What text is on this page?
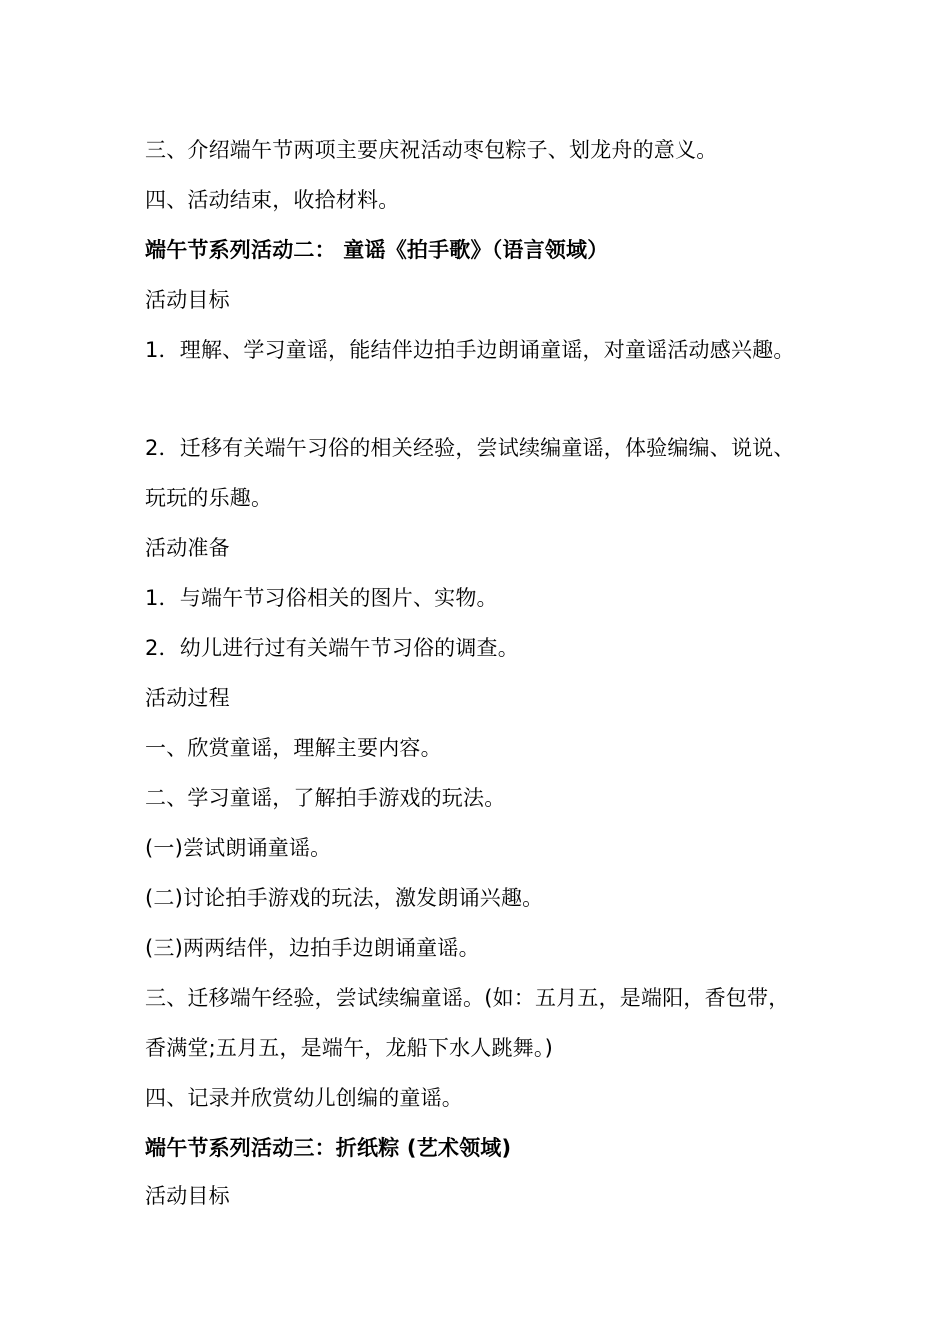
三、介绍端午节两项主要庆祝活动枣包粽子、划龙舟的意义。
四、活动结束，收拾材料。
端午节系列活动二： 童谣《拍手歌》（语言领域）
活动目标
1．理解、学习童谣，能结伴边拍手边朗诵童谣，对童谣活动感兴趣。
2．迁移有关端午习俗的相关经验，尝试续编童谣，体验编编、说说、
玩玩的乐趣。
活动准备
1．与端午节习俗相关的图片、实物。
2．幼儿进行过有关端午节习俗的调查。
活动过程
一、欣赏童谣，理解主要内容。
二、学习童谣，了解拍手游戏的玩法。
(一)尝试朗诵童谣。
(二)讨论拍手游戏的玩法，激发朗诵兴趣。
(三)两两结伴，边拍手边朗诵童谣。
三、迁移端午经验，尝试续编童谣。(如：五月五，是端阳，香包带，
香满堂;五月五，是端午，龙船下水人跳舞。)
四、记录并欣赏幼儿创编的童谣。
端午节系列活动三：折纸粽 (艺术领域)
活动目标
